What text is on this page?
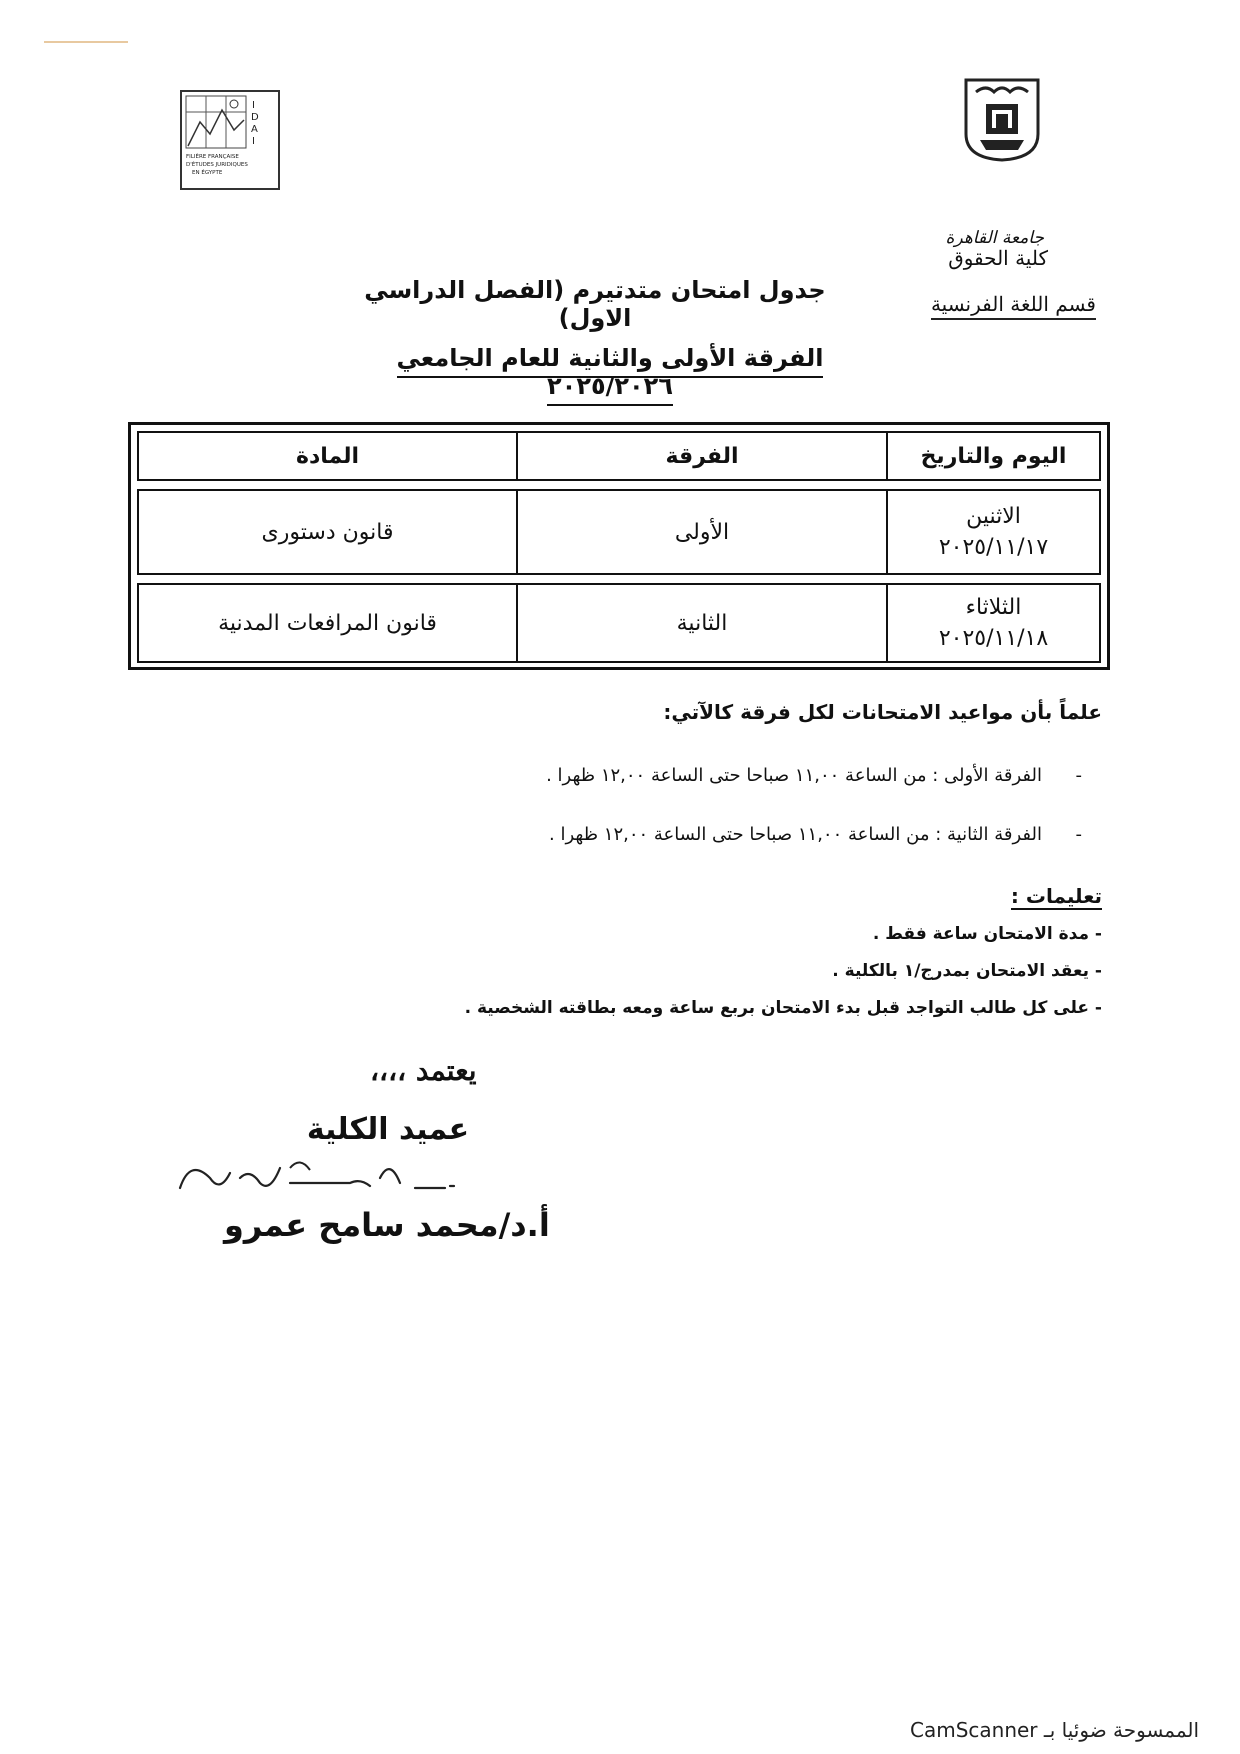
I
D
A
I
FILIÈRE FRANÇAISE
D'ÉTUDES JURIDIQUES
EN ÉGYPTE
جامعة القاهرة
كلية الحقوق
قسم اللغة الفرنسية
جدول امتحان متدتيرم (الفصل الدراسي الاول)
الفرقة الأولى والثانية للعام الجامعي ٢٠٢٥/٢٠٢٦
اليوم والتاريخ
الفرقة
المادة
الاثنين
٢٠٢٥/١١/١٧
الأولى
قانون دستورى
الثلاثاء
٢٠٢٥/١١/١٨
الثانية
قانون المرافعات المدنية
علماً بأن مواعيد الامتحانات لكل فرقة كالآتي:
-الفرقة الأولى : من الساعة ١١,٠٠ صباحا حتى الساعة ١٢,٠٠ ظهرا .
-الفرقة الثانية : من الساعة ١١,٠٠ صباحا حتى الساعة ١٢,٠٠ ظهرا .
تعليمات :
- مدة الامتحان ساعة فقط .
- يعقد الامتحان بمدرج/١ بالكلية .
- على كل طالب التواجد قبل بدء الامتحان بربع ساعة ومعه بطاقته الشخصية .
يعتمد ،،،،
عميد الكلية
أ.د/محمد سامح عمرو
الممسوحة ضوئيا بـ CamScanner
